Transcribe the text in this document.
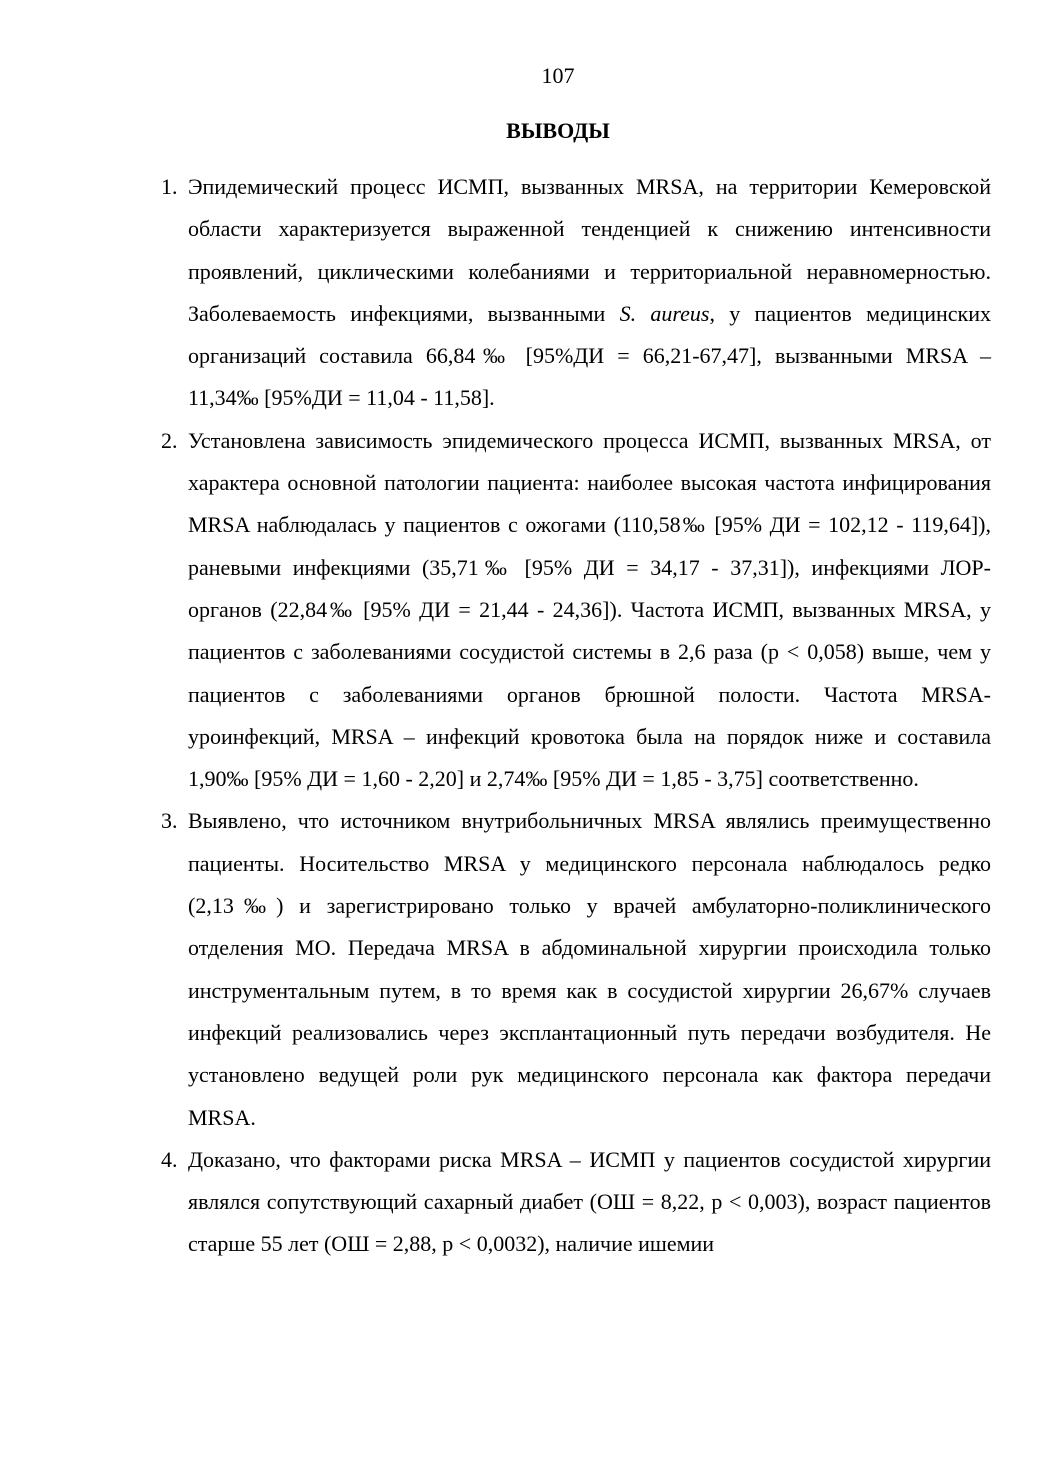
107
ВЫВОДЫ
1. Эпидемический процесс ИСМП, вызванных MRSA, на территории Кемеровской области характеризуется выраженной тенденцией к снижению интенсивности проявлений, циклическими колебаниями и территориальной неравномерностью. Заболеваемость инфекциями, вызванными S. aureus, у пациентов медицинских организаций составила 66,84‰ [95%ДИ = 66,21-67,47], вызванными MRSA – 11,34‰ [95%ДИ = 11,04 - 11,58].
2. Установлена зависимость эпидемического процесса ИСМП, вызванных MRSA, от характера основной патологии пациента: наиболее высокая частота инфицирования MRSA наблюдалась у пациентов с ожогами (110,58‰ [95% ДИ = 102,12 - 119,64]), раневыми инфекциями (35,71‰ [95% ДИ = 34,17 - 37,31]), инфекциями ЛОР-органов (22,84‰ [95% ДИ = 21,44 - 24,36]). Частота ИСМП, вызванных MRSA, у пациентов с заболеваниями сосудистой системы в 2,6 раза (р < 0,058) выше, чем у пациентов с заболеваниями органов брюшной полости. Частота MRSA-уроинфекций, MRSA – инфекций кровотока была на порядок ниже и составила 1,90‰ [95% ДИ = 1,60 - 2,20] и 2,74‰ [95% ДИ = 1,85 - 3,75] соответственно.
3. Выявлено, что источником внутрибольничных MRSA являлись преимущественно пациенты. Носительство MRSA у медицинского персонала наблюдалось редко (2,13‰) и зарегистрировано только у врачей амбулаторно-поликлинического отделения МО. Передача MRSA в абдоминальной хирургии происходила только инструментальным путем, в то время как в сосудистой хирургии 26,67% случаев инфекций реализовались через эксплантационный путь передачи возбудителя. Не установлено ведущей роли рук медицинского персонала как фактора передачи MRSA.
4. Доказано, что факторами риска MRSA – ИСМП у пациентов сосудистой хирургии являлся сопутствующий сахарный диабет (ОШ = 8,22, р < 0,003), возраст пациентов старше 55 лет (ОШ = 2,88, р < 0,0032), наличие ишемии
